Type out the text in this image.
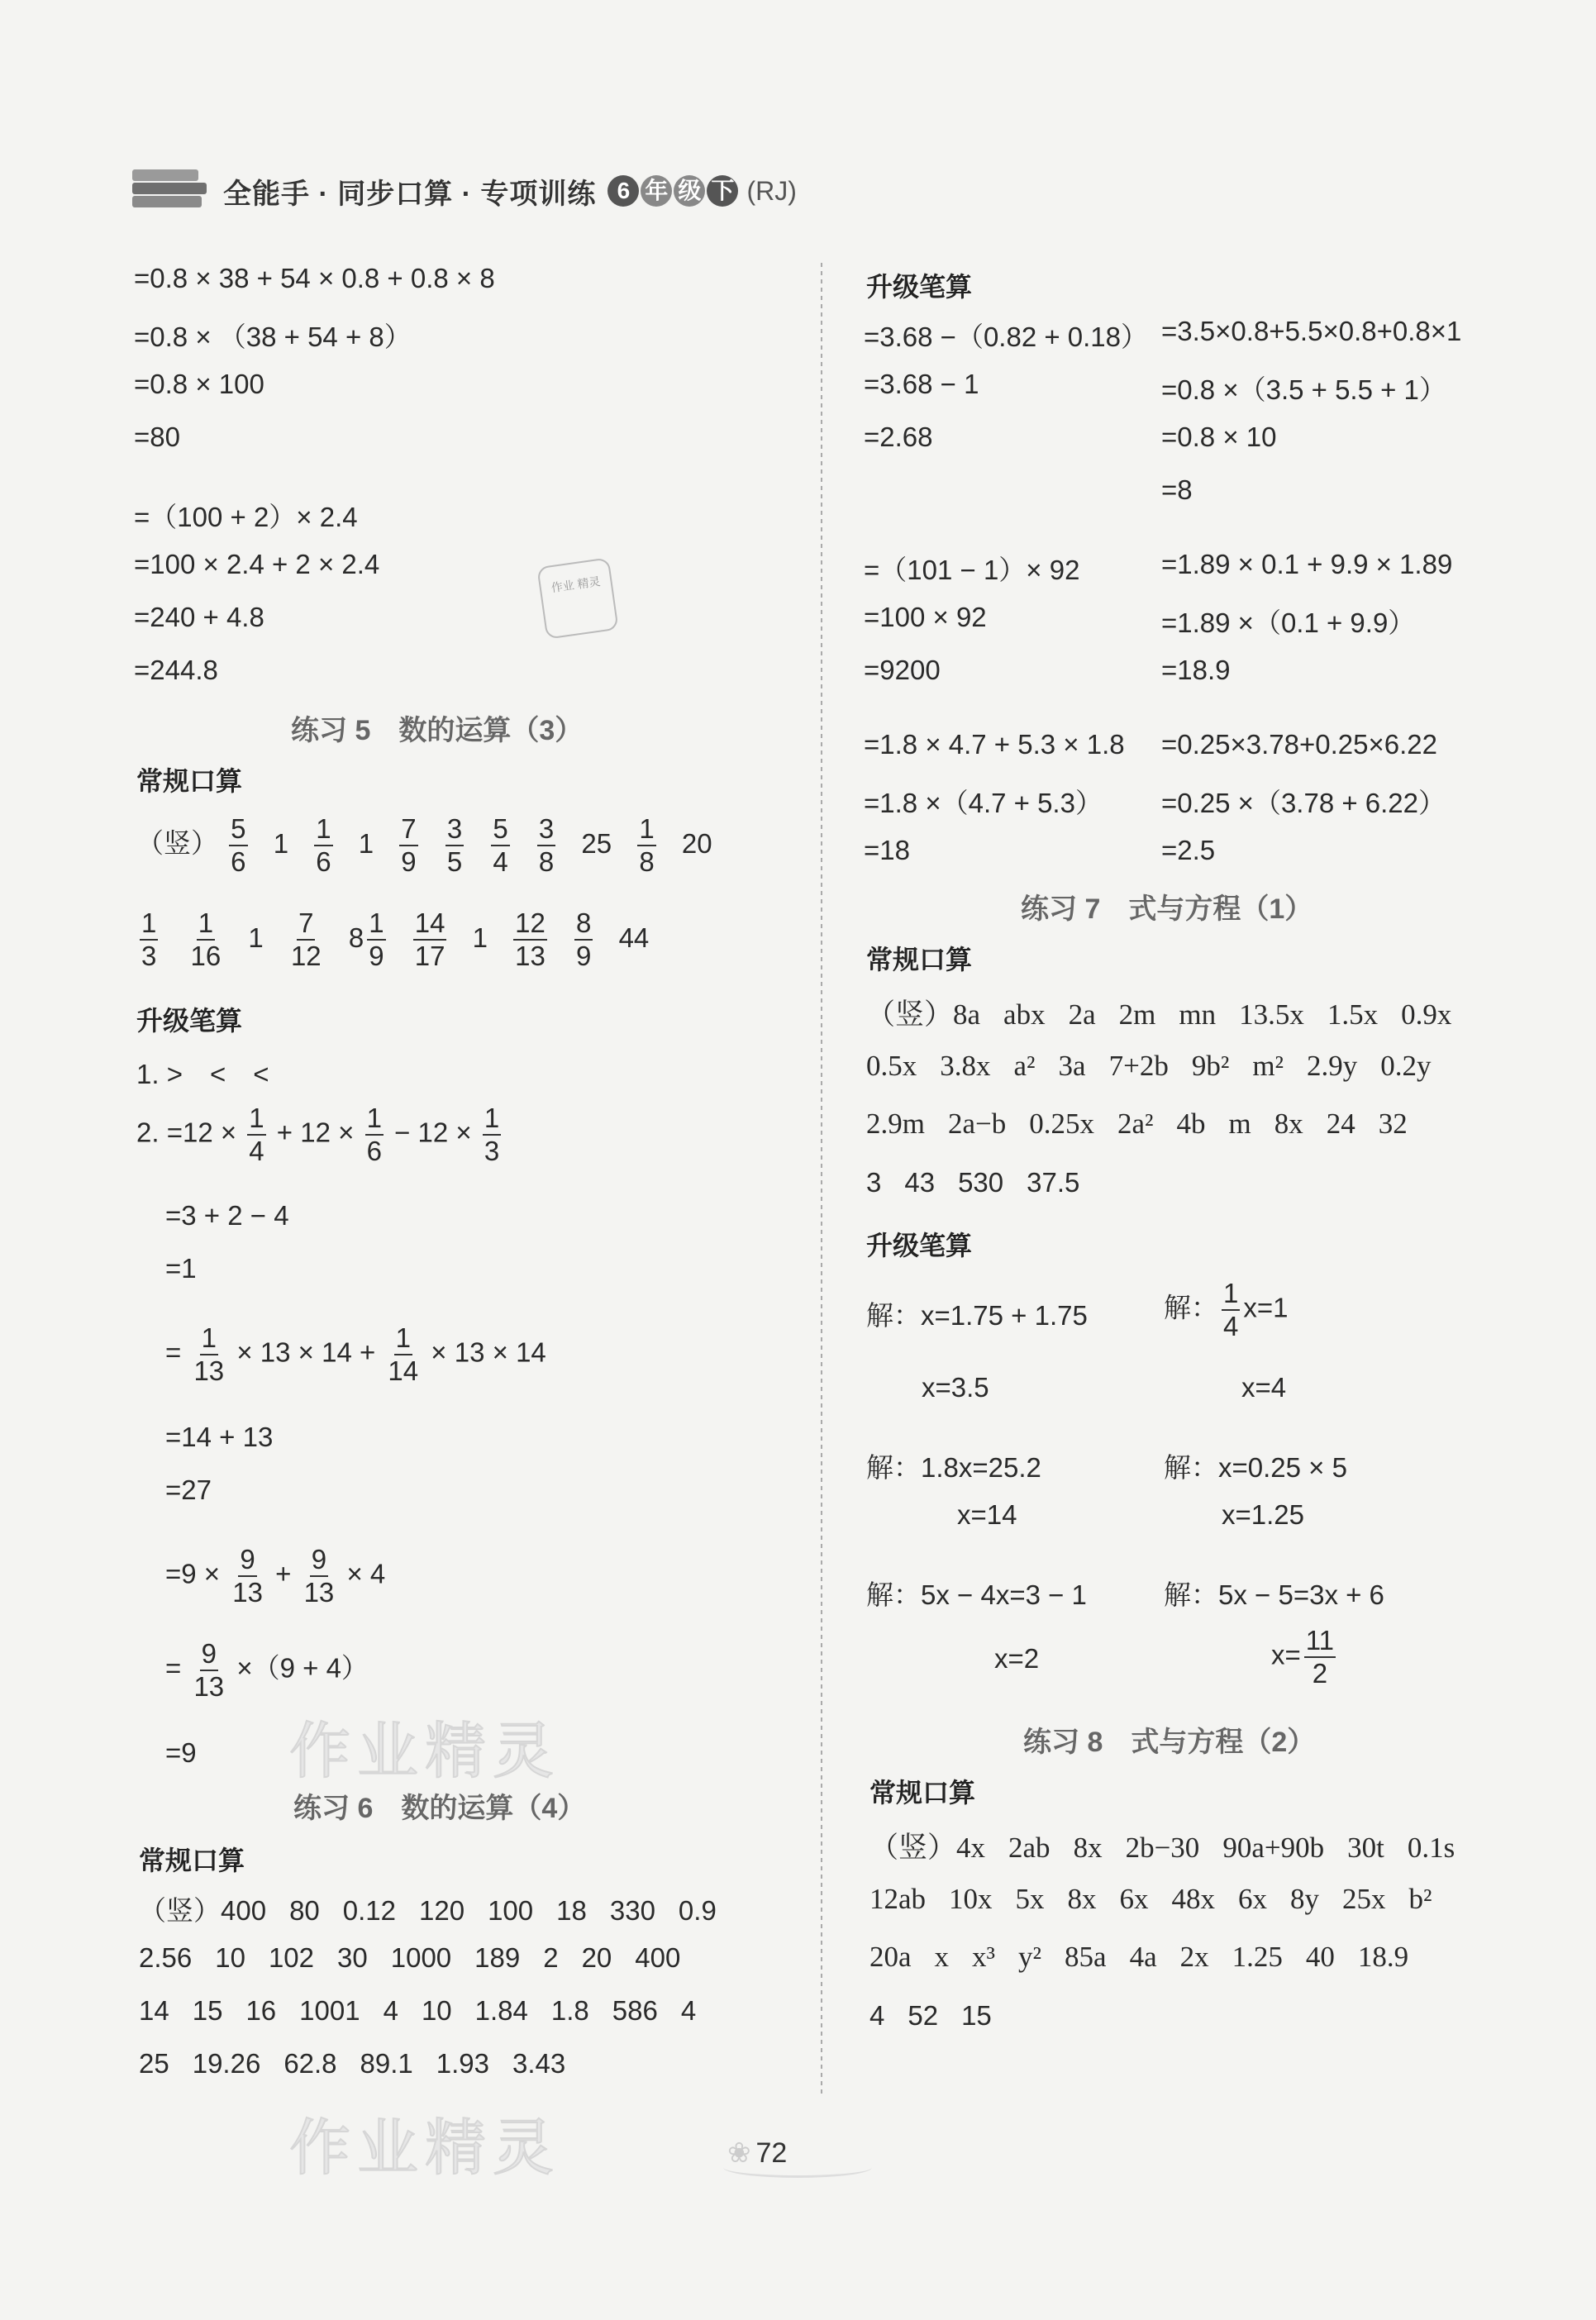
全能手 · 同步口算 · 专项训练 6 年 级 下 (RJ)
=0.8 × 38 + 54 × 0.8 + 0.8 × 8
=0.8 × （38 + 54 + 8）
=0.8 × 100
=80
=（100 + 2）× 2.4
=100 × 2.4 + 2 × 2.4
=240 + 4.8
=244.8
作业 精灵
练习 5　数的运算（3）
常规口算
（竖） $\frac{5}{6} 1 \frac{1}{6} 1 \frac{7}{9}$
$\frac{3}{5}$
$\frac{5}{4}$
$\frac{3}{8} 25 \frac{1}{8} 20$
$\frac{1}{3}$
$\frac{1}{16} 1 \frac{7}{12} 8 \frac{1}{9}$
$\frac{14}{17} 1 \frac{12}{13}$
$\frac{8}{9} 44$
升级笔算
1. >　<　<
2. $=12 \times \frac{1}{4} + 12 \times \frac{1}{6} - 12 \times \frac{1}{3}$
=3 + 2 − 4
=1
= $\frac{1}{13} \times 13 \times 14 + \frac{1}{14} \times 13 \times 14$
=14 + 13
=27
$=9 \times \frac{9}{13} + \frac{9}{13} \times 4$
= $\frac{9}{13} \times(9 + 4)$
=9 作业精灵
练习 6　数的运算（4）
常规口算
（竖）400 80 0.12 120 100 18 330 0.9
2.56 10 102 30 1000 189 2 20 400
14 15 16 1001 4 10 1.84 1.8 586 4
25 19.26 62.8 89.1 1.93 3.43
作业精灵
升级笔算
=3.68 −（0.82 + 0.18）
=3.68 − 1
=2.68
=3.5×0.8+5.5×0.8+0.8×1
=0.8 ×（3.5 + 5.5 + 1）
=0.8 × 10
=8
=（101 − 1）× 92
=100 × 92
=9200
=1.89 × 0.1 + 9.9 × 1.89
=1.89 ×（0.1 + 9.9）
=18.9
=1.8 × 4.7 + 5.3 × 1.8
=1.8 ×（4.7 + 5.3）
=18
=0.25×3.78+0.25×6.22
=0.25 ×（3.78 + 6.22）
=2.5
练习 7　式与方程（1）
常规口算
（竖）8a abx 2a 2m mn 13.5x 1.5x 0.9x
0.5x 3.8x a² 3a 7+2b 9b² m² 2.9y 0.2y
2.9m 2a−b 0.25x 2a² 4b m 8x 24 32
3 43 530 37.5
升级笔算
解：x=1.75 + 1.75
x=3.5
解： $\frac{1}{4} x=1$
x=4
解：1.8x=25.2
x=14
解：x=0.25 × 5
x=1.25
解：5x − 4x=3 − 1
x=2
解：5x − 5=3x + 6
$x= \frac{11}{2}$
练习 8　式与方程（2）
常规口算
（竖）4x 2ab 8x 2b−30 90a+90b 30t 0.1s
12ab 10x 5x 8x 6x 48x 6x 8y 25x b²
20a x x³ y² 85a 4a 2x 1.25 40 18.9
4 52 15
❀ 72
